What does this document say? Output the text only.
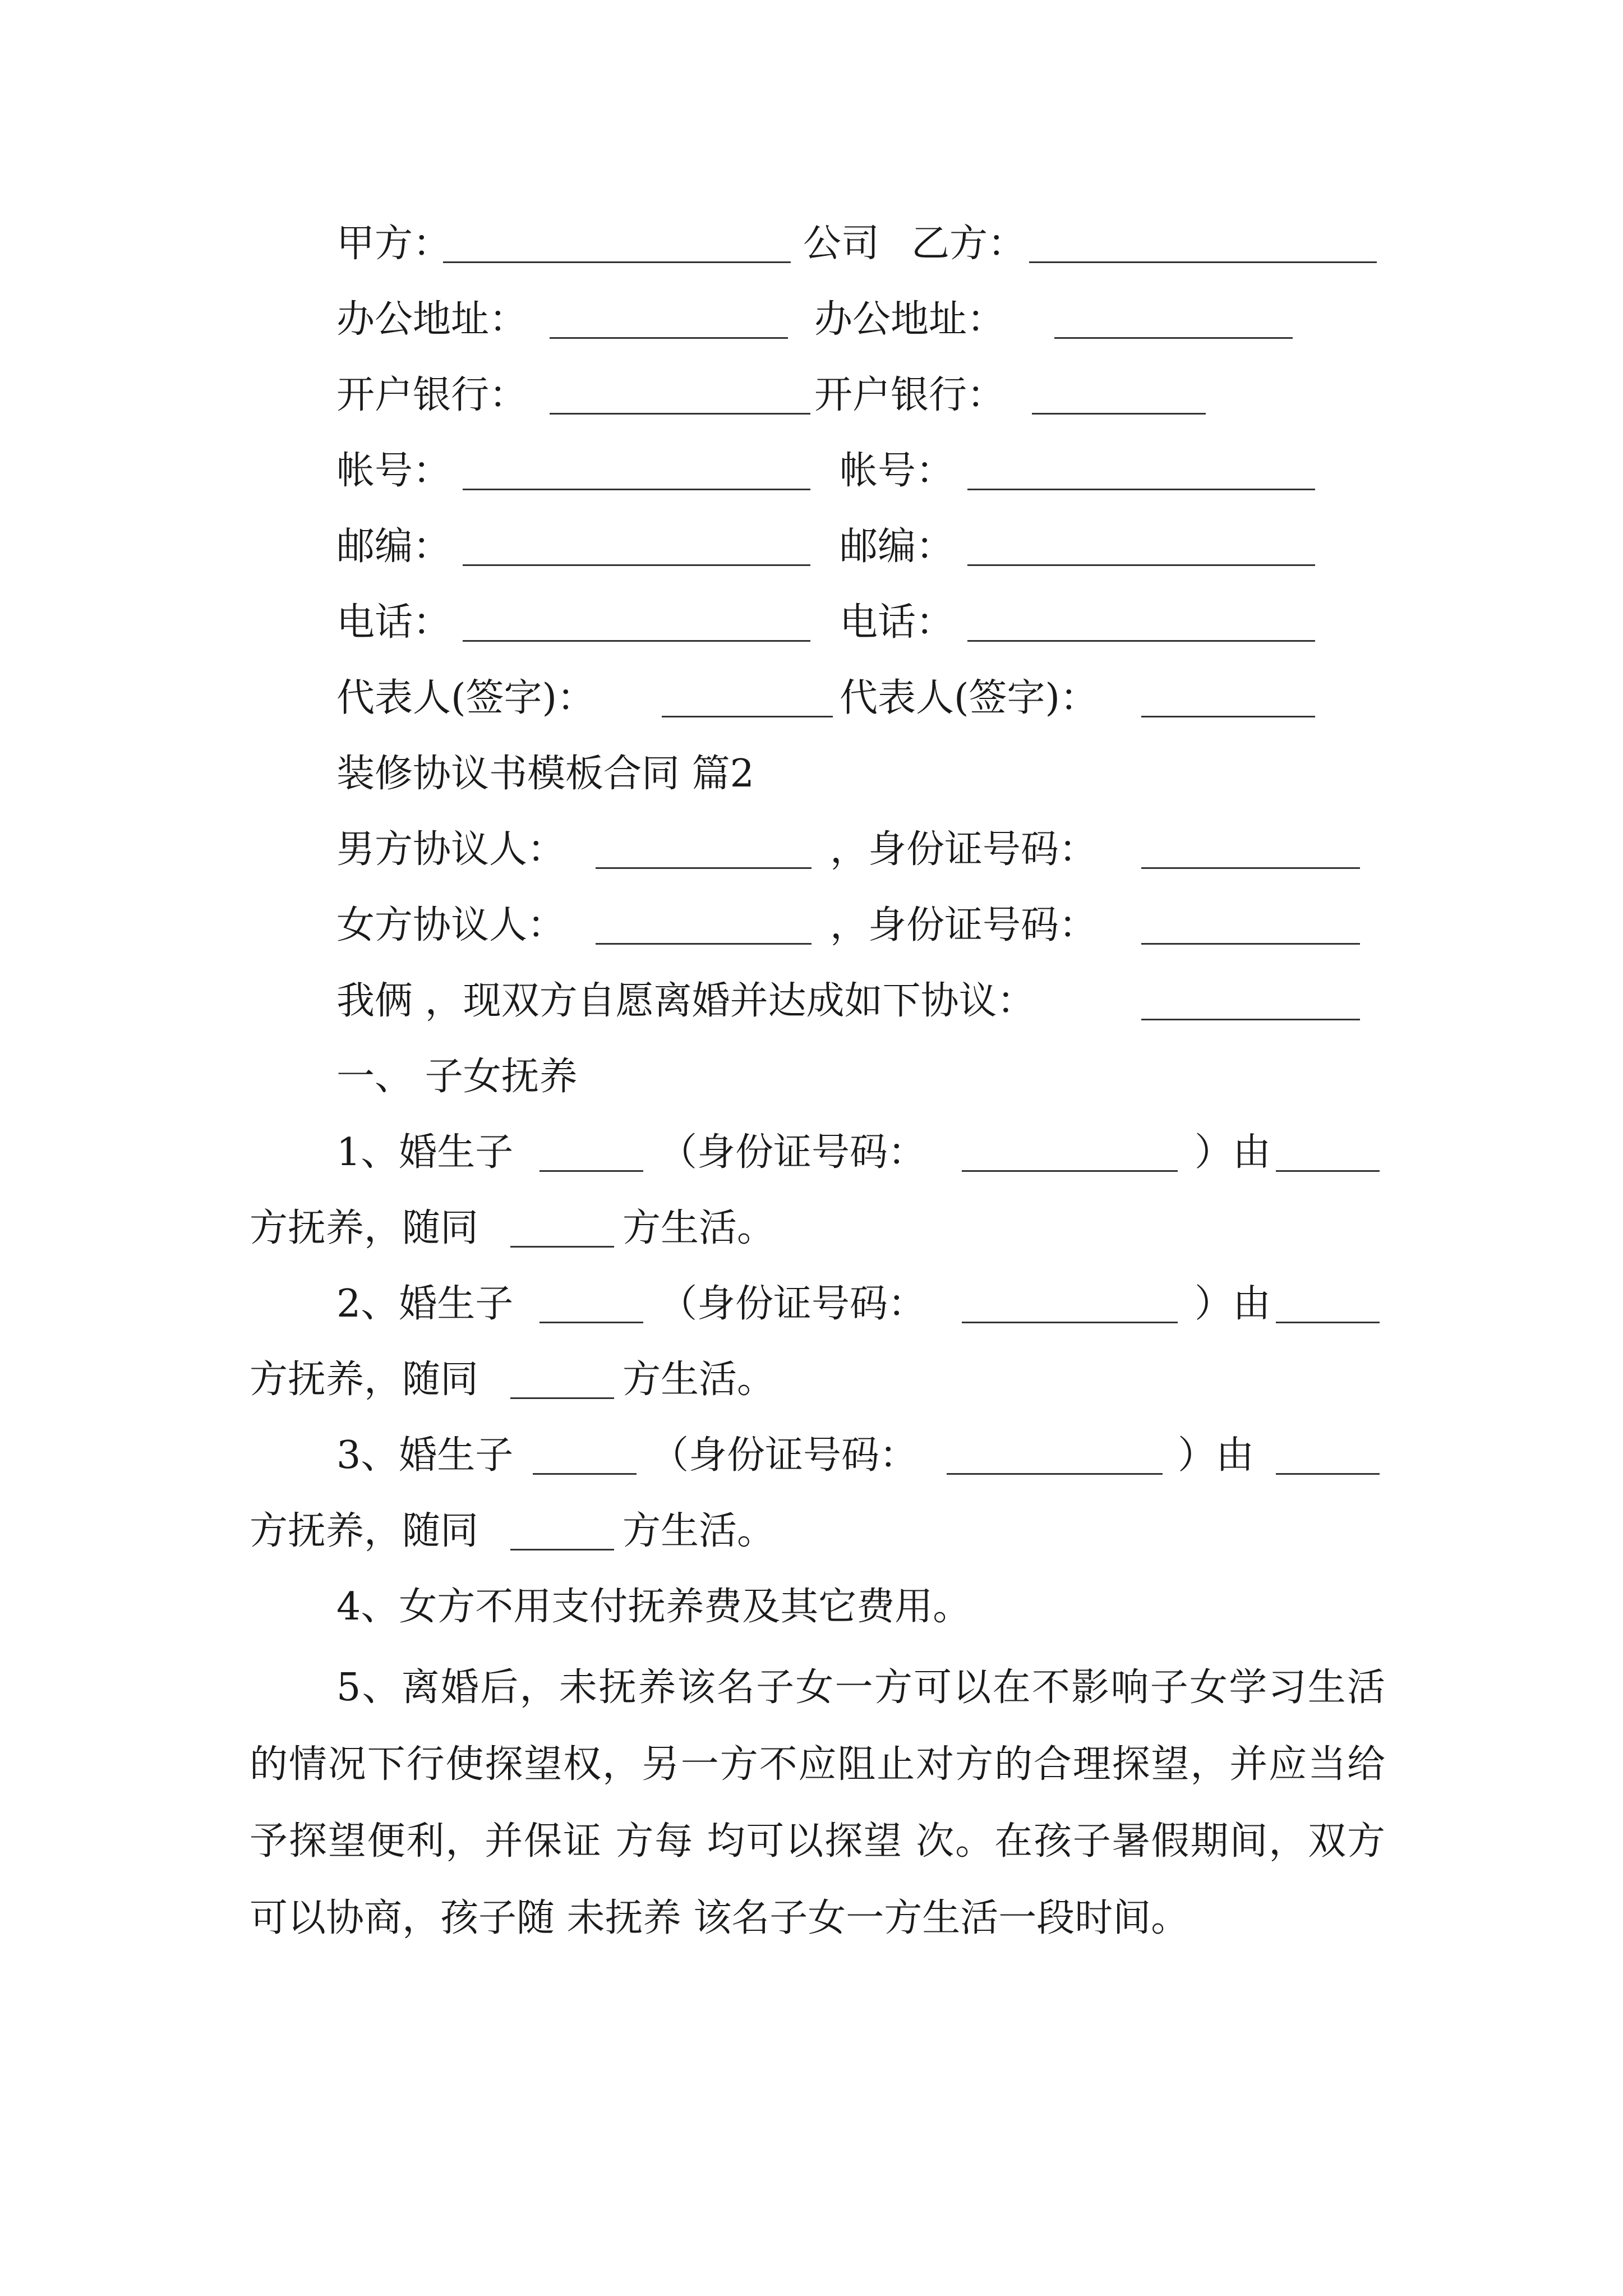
甲方：	公司 乙方：
办公地址：	办公地址：
开户银行：	开户银行：
帐号：	帐号：
邮编：	邮编：
电话：	电话：
代表人(签字)：	代表人(签字)：
装修协议书模板合同 篇2
男方协议人：	，身份证号码：
女方协议人：	，身份证号码：
我俩 ，现双方自愿离婚并达成如下协议：
一、 子女抚养
1、婚生子	（身份证号码：	）由
方抚养，随同	方生活。
2、婚生子	（身份证号码：	）由
方抚养，随同	方生活。
3、婚生子	（身份证号码：	）由
方抚养，随同	方生活。
4、女方不用支付抚养费及其它费用。
5、离婚后，未抚养该名子女一方可以在不影响子女学习生活的情况下行使探望权，另一方不应阻止对方的合理探望，并应当给予探望便利，并保证 方每 均可以探望 次。在孩子暑假期间，双方可以协商，孩子随 未抚养 该名子女一方生活一段时间。
